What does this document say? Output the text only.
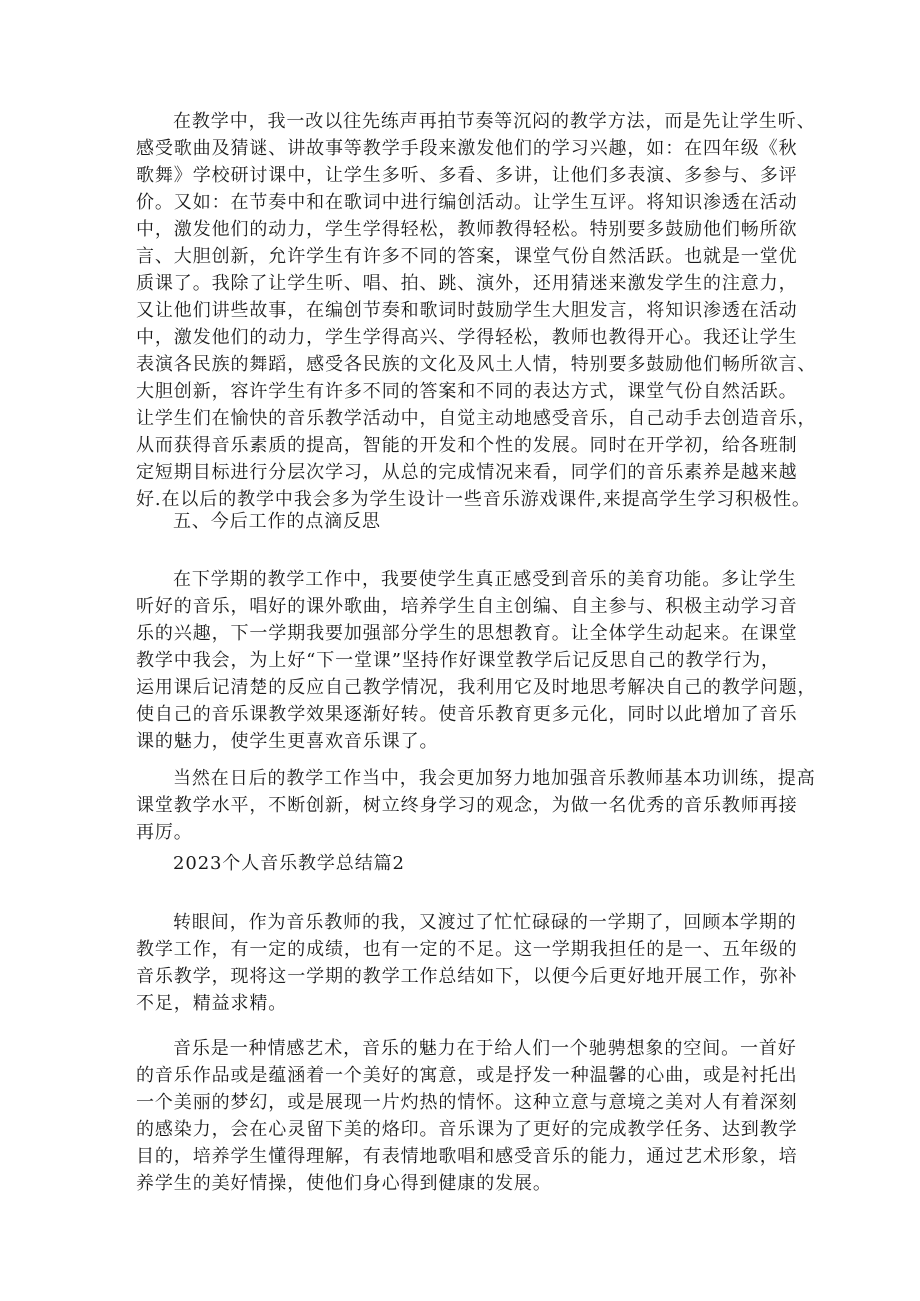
在教学中，我一改以往先练声再拍节奏等沉闷的教学方法，而是先让学生听、
感受歌曲及猜谜、讲故事等教学手段来激发他们的学习兴趣，如：在四年级《秋
歌舞》学校研讨课中，让学生多听、多看、多讲，让他们多表演、多参与、多评
价。又如：在节奏中和在歌词中进行编创活动。让学生互评。将知识渗透在活动
中，激发他们的动力，学生学得轻松，教师教得轻松。特别要多鼓励他们畅所欲
言、大胆创新，允许学生有许多不同的答案，课堂气份自然活跃。也就是一堂优
质课了。我除了让学生听、唱、拍、跳、演外，还用猜迷来激发学生的注意力，
又让他们讲些故事，在编创节奏和歌词时鼓励学生大胆发言，将知识渗透在活动
中，激发他们的动力，学生学得高兴、学得轻松，教师也教得开心。我还让学生
表演各民族的舞蹈，感受各民族的文化及风土人情，特别要多鼓励他们畅所欲言、
大胆创新，容许学生有许多不同的答案和不同的表达方式，课堂气份自然活跃。
让学生们在愉快的音乐教学活动中，自觉主动地感受音乐，自己动手去创造音乐，
从而获得音乐素质的提高，智能的开发和个性的发展。同时在开学初，给各班制
定短期目标进行分层次学习，从总的完成情况来看，同学们的音乐素养是越来越
好.在以后的教学中我会多为学生设计一些音乐游戏课件,来提高学生学习积极性。
五、今后工作的点滴反思
在下学期的教学工作中，我要使学生真正感受到音乐的美育功能。多让学生
听好的音乐，唱好的课外歌曲，培养学生自主创编、自主参与、积极主动学习音
乐的兴趣，下一学期我要加强部分学生的思想教育。让全体学生动起来。在课堂
教学中我会，为上好“下一堂课”坚持作好课堂教学后记反思自己的教学行为，
运用课后记清楚的反应自己教学情况，我利用它及时地思考解决自己的教学问题，
使自己的音乐课教学效果逐渐好转。使音乐教育更多元化，同时以此增加了音乐
课的魅力，使学生更喜欢音乐课了。
当然在日后的教学工作当中，我会更加努力地加强音乐教师基本功训练，提高
课堂教学水平，不断创新，树立终身学习的观念，为做一名优秀的音乐教师再接
再厉。
2023个人音乐教学总结篇2
转眼间，作为音乐教师的我，又渡过了忙忙碌碌的一学期了，回顾本学期的
教学工作，有一定的成绩，也有一定的不足。这一学期我担任的是一、五年级的
音乐教学，现将这一学期的教学工作总结如下，以便今后更好地开展工作，弥补
不足，精益求精。
音乐是一种情感艺术，音乐的魅力在于给人们一个驰骋想象的空间。一首好
的音乐作品或是蕴涵着一个美好的寓意，或是抒发一种温馨的心曲，或是衬托出
一个美丽的梦幻，或是展现一片灼热的情怀。这种立意与意境之美对人有着深刻
的感染力，会在心灵留下美的烙印。音乐课为了更好的完成教学任务、达到教学
目的，培养学生懂得理解，有表情地歌唱和感受音乐的能力，通过艺术形象，培
养学生的美好情操，使他们身心得到健康的发展。
